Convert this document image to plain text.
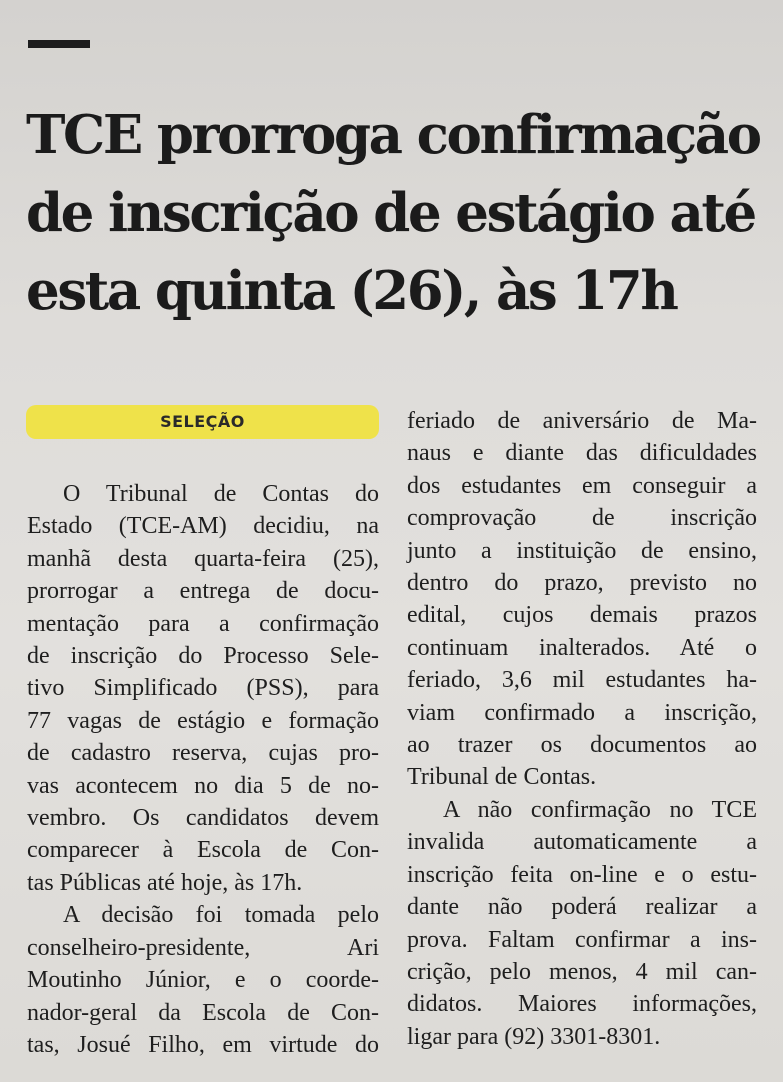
TCE prorroga confirmação
de inscrição de estágio até
esta quinta (26), às 17h
SELEÇÃO
O Tribunal de Contas do
Estado (TCE-AM) decidiu, na
manhã desta quarta-feira (25),
prorrogar a entrega de docu-
mentação para a confirmação
de inscrição do Processo Sele-
tivo Simplificado (PSS), para
77 vagas de estágio e formação
de cadastro reserva, cujas pro-
vas acontecem no dia 5 de no-
vembro. Os candidatos devem
comparecer à Escola de Con-
tas Públicas até hoje, às 17h.
A decisão foi tomada pelo
conselheiro-presidente, Ari
Moutinho Júnior, e o coorde-
nador-geral da Escola de Con-
tas, Josué Filho, em virtude do
feriado de aniversário de Ma-
naus e diante das dificuldades
dos estudantes em conseguir a
comprovação de inscrição
junto a instituição de ensino,
dentro do prazo, previsto no
edital, cujos demais prazos
continuam inalterados. Até o
feriado, 3,6 mil estudantes ha-
viam confirmado a inscrição,
ao trazer os documentos ao
Tribunal de Contas.
A não confirmação no TCE
invalida automaticamente a
inscrição feita on-line e o estu-
dante não poderá realizar a
prova. Faltam confirmar a ins-
crição, pelo menos, 4 mil can-
didatos. Maiores informações,
ligar para (92) 3301-8301.
